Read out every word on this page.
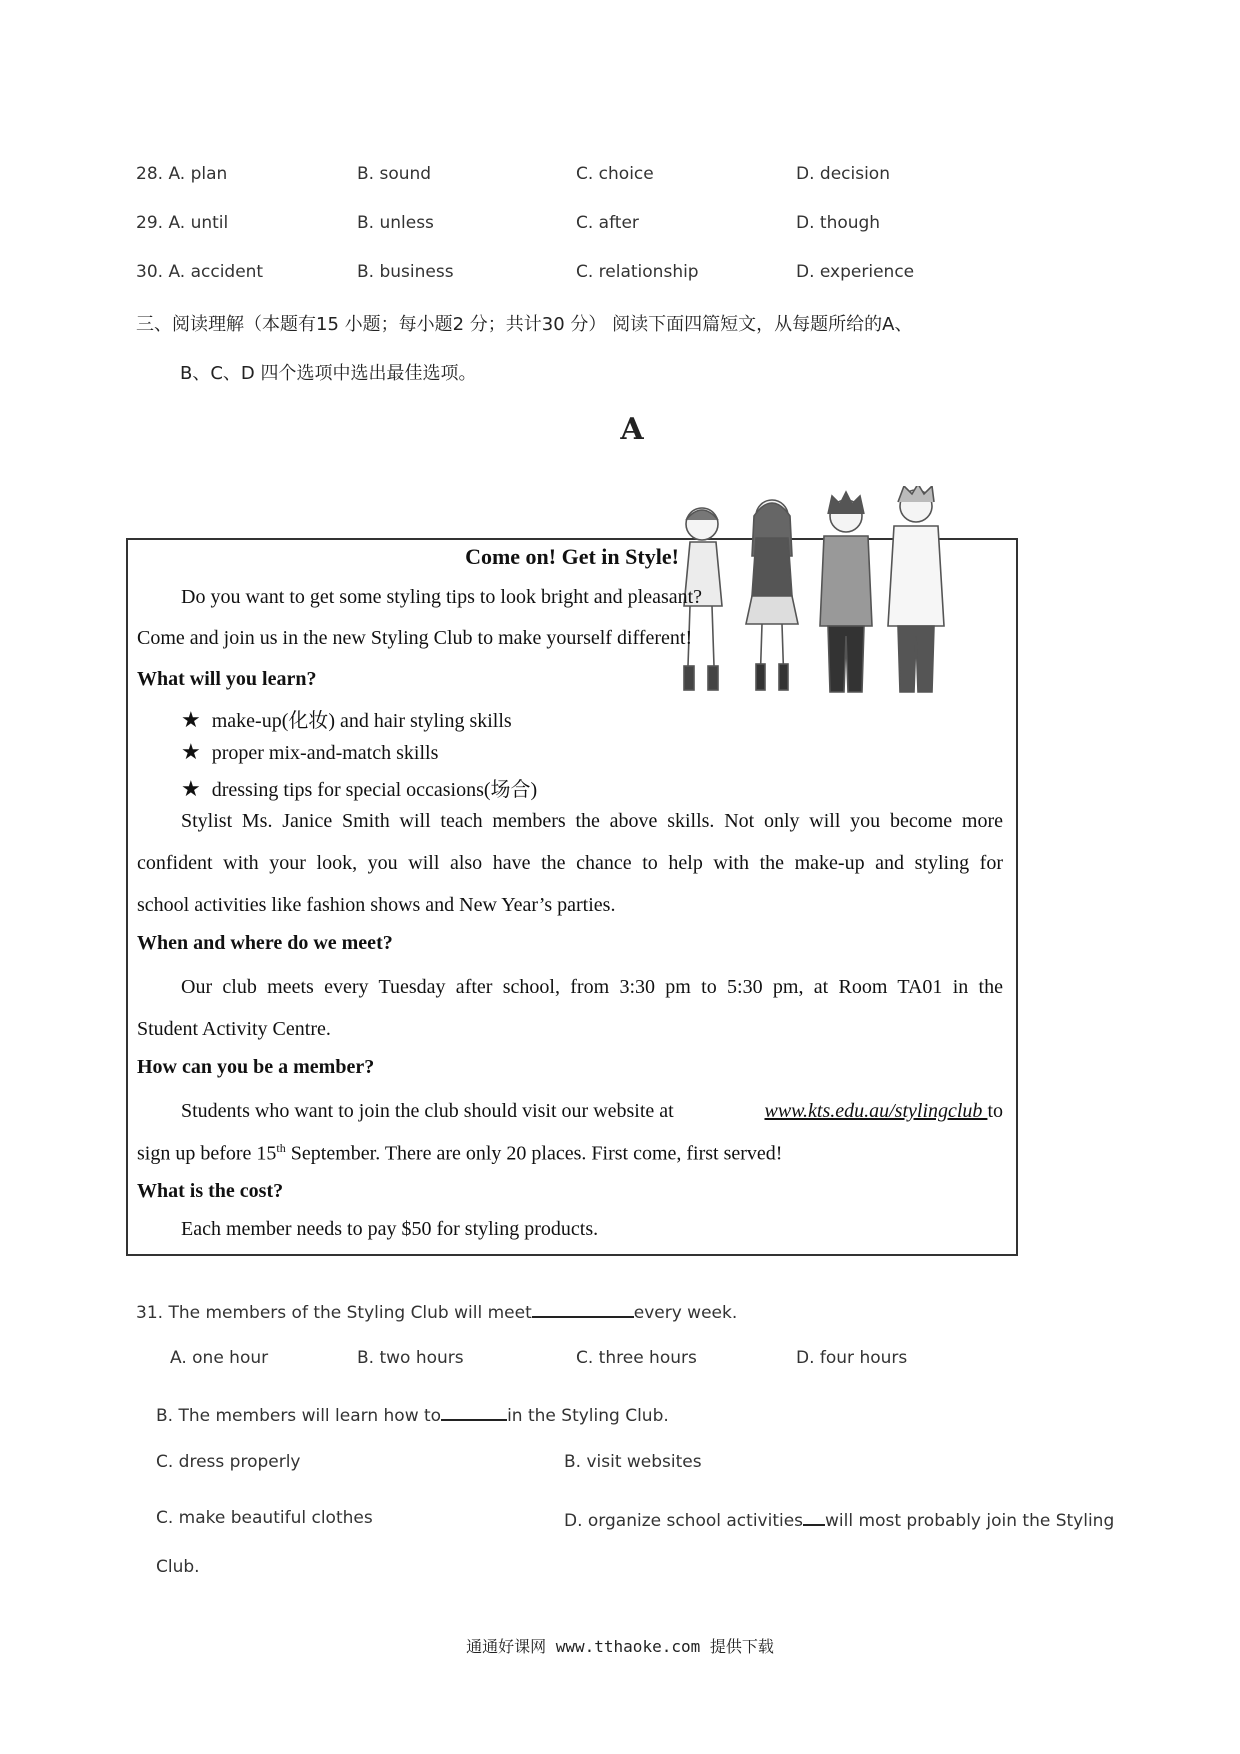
28. A. plan	B. sound	C. choice	D. decision
29. A. until	B. unless	C. after	D. though
30. A. accident	B. business	C. relationship	D. experience
三、阅读理解（本题有15 小题；每小题2 分；共计30 分） 阅读下面四篇短文，从每题所给的A、
B、C、D 四个选项中选出最佳选项。
A
Come on! Get in Style!
Do you want to get some styling tips to look bright and pleasant?
Come and join us in the new Styling Club to make yourself different!
What will you learn?
★ make-up(化妆) and hair styling skills
★ proper mix-and-match skills
★ dressing tips for special occasions(场合)
Stylist Ms. Janice Smith will teach members the above skills. Not only will you become more
confident with your look, you will also have the chance to help with the make-up and styling for
school activities like fashion shows and New Year’s parties.
When and where do we meet?
Our club meets every Tuesday after school, from 3:30 pm to 5:30 pm, at Room TA01 in the
Student Activity Centre.
How can you be a member?
Students who want to join the club should visit our website at	www.kts.edu.au/stylingclub to
sign up before 15th September. There are only 20 places. First come, first served!
What is the cost?
Each member needs to pay $50 for styling products.
31. The members of the Styling Club will meet	every week.
A. one hour	B. two hours	C. three hours	D. four hours
B. The members will learn how to	in the Styling Club.
C. dress properly	B. visit websites
C. make beautiful clothes	D. organize school activities will most probably join the Styling
Club.
通通好课网 www.tthaoke.com 提供下载
